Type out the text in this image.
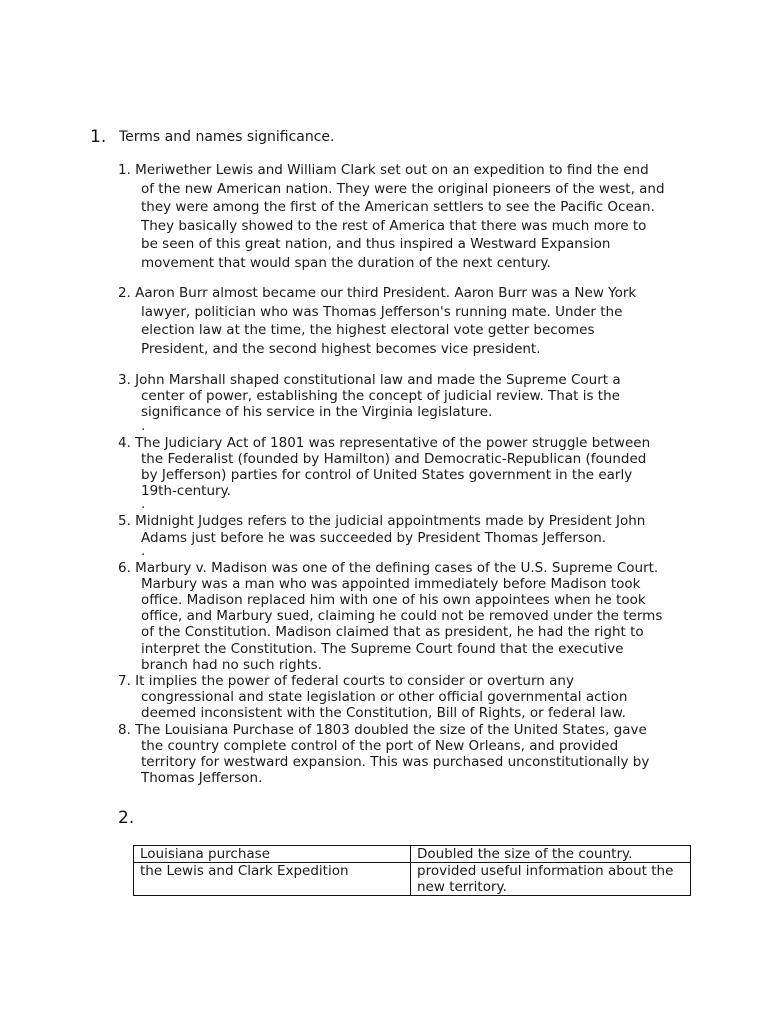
1. Terms and names significance.
1. Meriwether Lewis and William Clark set out on an expedition to find the end
of the new American nation. They were the original pioneers of the west, and
they were among the first of the American settlers to see the Pacific Ocean.
They basically showed to the rest of America that there was much more to
be seen of this great nation, and thus inspired a Westward Expansion
movement that would span the duration of the next century.
2. Aaron Burr almost became our third President. Aaron Burr was a New York
lawyer, politician who was Thomas Jefferson's running mate. Under the
election law at the time, the highest electoral vote getter becomes
President, and the second highest becomes vice president.
3. John Marshall shaped constitutional law and made the Supreme Court a
center of power, establishing the concept of judicial review. That is the
significance of his service in the Virginia legislature.
.
4. The Judiciary Act of 1801 was representative of the power struggle between
the Federalist (founded by Hamilton) and Democratic-Republican (founded
by Jefferson) parties for control of United States government in the early
19th-century.
.
5. Midnight Judges refers to the judicial appointments made by President John
Adams just before he was succeeded by President Thomas Jefferson.
.
6. Marbury v. Madison was one of the defining cases of the U.S. Supreme Court.
Marbury was a man who was appointed immediately before Madison took
office. Madison replaced him with one of his own appointees when he took
office, and Marbury sued, claiming he could not be removed under the terms
of the Constitution. Madison claimed that as president, he had the right to
interpret the Constitution. The Supreme Court found that the executive
branch had no such rights.
7. It implies the power of federal courts to consider or overturn any
congressional and state legislation or other official governmental action
deemed inconsistent with the Constitution, Bill of Rights, or federal law.
8. The Louisiana Purchase of 1803 doubled the size of the United States, gave
the country complete control of the port of New Orleans, and provided
territory for westward expansion. This was purchased unconstitutionally by
Thomas Jefferson.
2.
Louisiana purchase	Doubled the size of the country.
the Lewis and Clark Expedition	provided useful information about the new territory.
